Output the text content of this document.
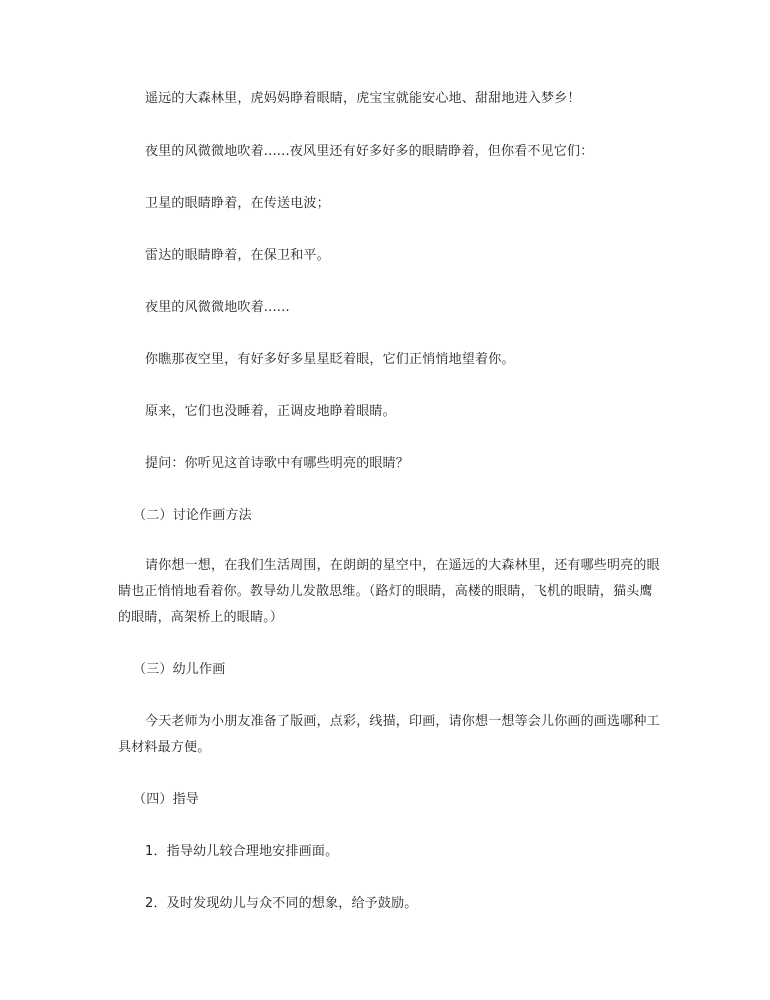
遥远的大森林里，虎妈妈睁着眼睛，虎宝宝就能安心地、甜甜地进入梦乡！
夜里的风微微地吹着......夜风里还有好多好多的眼睛睁着，但你看不见它们：
卫星的眼睛睁着，在传送电波；
雷达的眼睛睁着，在保卫和平。
夜里的风微微地吹着......
你瞧那夜空里，有好多好多星星眨着眼，它们正悄悄地望着你。
原来，它们也没睡着，正调皮地睁着眼睛。
提问：你听见这首诗歌中有哪些明亮的眼睛？
（二）讨论作画方法
请你想一想，在我们生活周围，在朗朗的星空中，在遥远的大森林里，还有哪些明亮的眼睛也正悄悄地看着你。教导幼儿发散思维。（路灯的眼睛，高楼的眼睛，飞机的眼睛，猫头鹰的眼睛，高架桥上的眼睛。）
（三）幼儿作画
今天老师为小朋友准备了版画，点彩，线描，印画，请你想一想等会儿你画的画选哪种工具材料最方便。
（四）指导
1．指导幼儿较合理地安排画面。
2．及时发现幼儿与众不同的想象，给予鼓励。
